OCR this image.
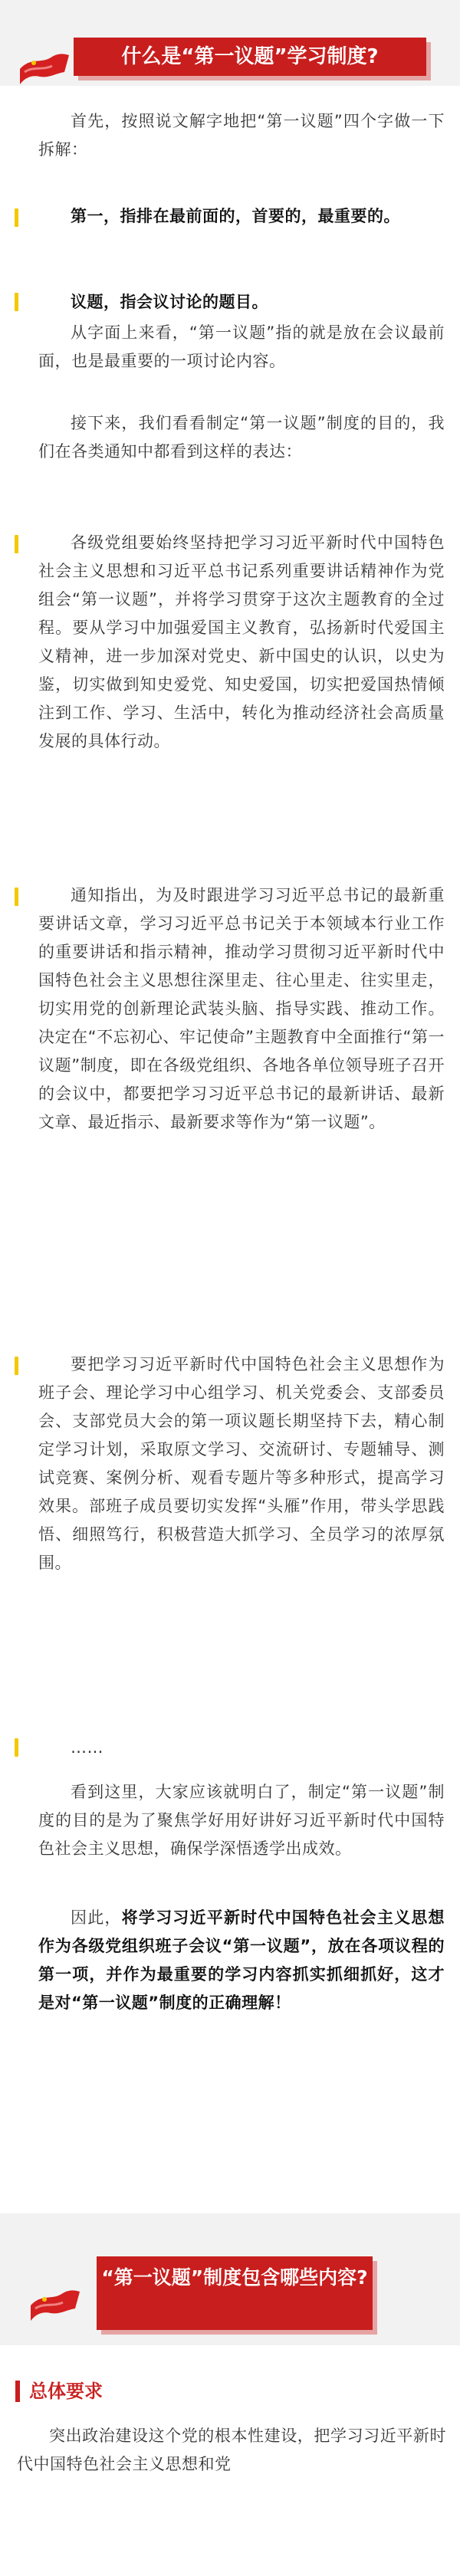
什么是“第一议题”学习制度?

首先，按照说文解字地把“第一议题”四个字做一下拆解：

第一，指排在最前面的，首要的，最重要的。

议题，指会议讨论的题目。

从字面上来看，“第一议题”指的就是放在会议最前面，也是最重要的一项讨论内容。

接下来，我们看看制定“第一议题”制度的目的，我们在各类通知中都看到这样的表达：

各级党组要始终坚持把学习习近平新时代中国特色社会主义思想和习近平总书记系列重要讲话精神作为党组会“第一议题”，并将学习贯穿于这次主题教育的全过程。要从学习中加强爱国主义教育，弘扬新时代爱国主义精神，进一步加深对党史、新中国史的认识，以史为鉴，切实做到知史爱党、知史爱国，切实把爱国热情倾注到工作、学习、生活中，转化为推动经济社会高质量发展的具体行动。

通知指出，为及时跟进学习习近平总书记的最新重要讲话文章，学习习近平总书记关于本领域本行业工作的重要讲话和指示精神，推动学习贯彻习近平新时代中国特色社会主义思想往深里走、往心里走、往实里走，切实用党的创新理论武装头脑、指导实践、推动工作。决定在“不忘初心、牢记使命”主题教育中全面推行“第一议题”制度，即在各级党组织、各地各单位领导班子召开的会议中，都要把学习习近平总书记的最新讲话、最新文章、最近指示、最新要求等作为“第一议题”。

要把学习习近平新时代中国特色社会主义思想作为班子会、理论学习中心组学习、机关党委会、支部委员会、支部党员大会的第一项议题长期坚持下去，精心制定学习计划，采取原文学习、交流研讨、专题辅导、测试竞赛、案例分析、观看专题片等多种形式，提高学习效果。部班子成员要切实发挥“头雁”作用，带头学思践悟、细照笃行，积极营造大抓学习、全员学习的浓厚氛围。

……

看到这里，大家应该就明白了，制定“第一议题”制度的目的是为了聚焦学好用好讲好习近平新时代中国特色社会主义思想，确保学深悟透学出成效。

因此，将学习习近平新时代中国特色社会主义思想作为各级党组织班子会议“第一议题”，放在各项议程的第一项，并作为最重要的学习内容抓实抓细抓好，这才是对“第一议题”制度的正确理解！

“第一议题”制度包含哪些内容?
总体要求

突出政治建设这个党的根本性建设，把学习习近平新时代中国特色社会主义思想和党
